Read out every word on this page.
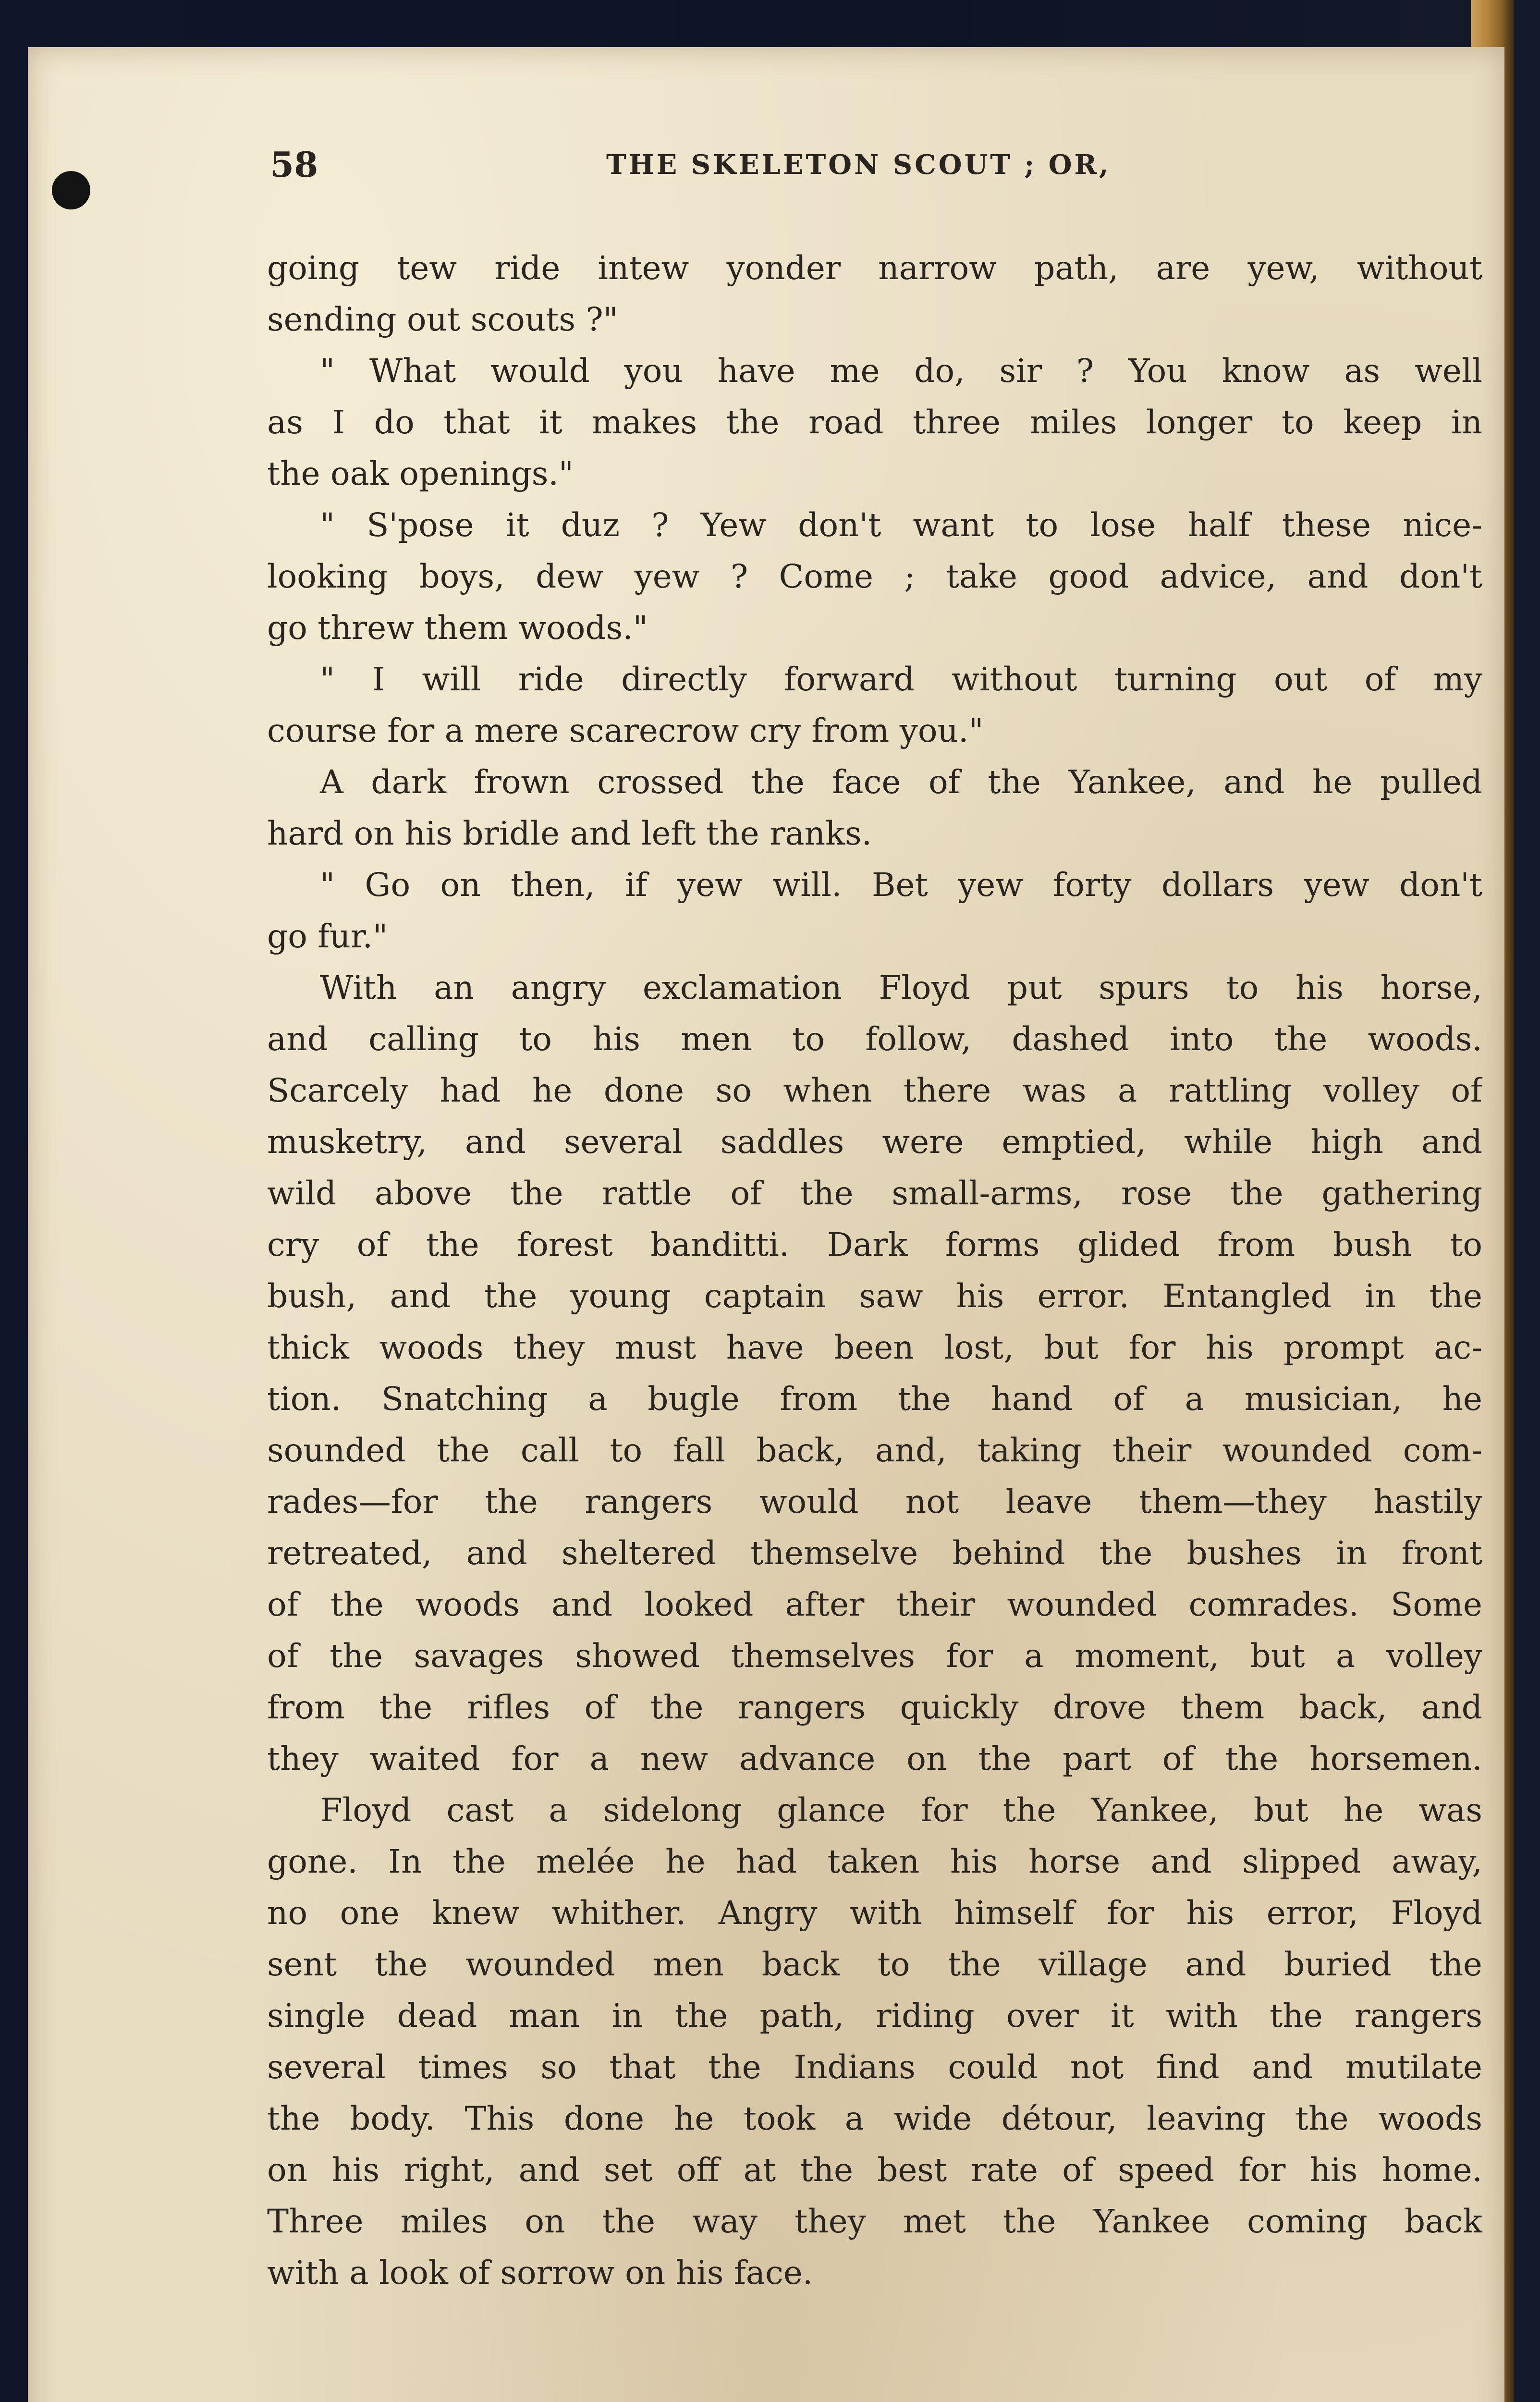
58	THE SKELETON SCOUT ; OR,
going tew ride intew yonder narrow path, are yew, without
sending out scouts ?"
" What would you have me do, sir ? You know as well
as I do that it makes the road three miles longer to keep in
the oak openings."
" S'pose it duz ? Yew don't want to lose half these nice-
looking boys, dew yew ? Come ; take good advice, and don't
go threw them woods."
" I will ride directly forward without turning out of my
course for a mere scarecrow cry from you."
A dark frown crossed the face of the Yankee, and he pulled
hard on his bridle and left the ranks.
" Go on then, if yew will. Bet yew forty dollars yew don't
go fur."
With an angry exclamation Floyd put spurs to his horse,
and calling to his men to follow, dashed into the woods.
Scarcely had he done so when there was a rattling volley of
musketry, and several saddles were emptied, while high and
wild above the rattle of the small-arms, rose the gathering
cry of the forest banditti. Dark forms glided from bush to
bush, and the young captain saw his error. Entangled in the
thick woods they must have been lost, but for his prompt ac-
tion. Snatching a bugle from the hand of a musician, he
sounded the call to fall back, and, taking their wounded com-
rades—for the rangers would not leave them—they hastily
retreated, and sheltered themselve behind the bushes in front
of the woods and looked after their wounded comrades. Some
of the savages showed themselves for a moment, but a volley
from the rifles of the rangers quickly drove them back, and
they waited for a new advance on the part of the horsemen.
Floyd cast a sidelong glance for the Yankee, but he was
gone. In the melée he had taken his horse and slipped away,
no one knew whither. Angry with himself for his error, Floyd
sent the wounded men back to the village and buried the
single dead man in the path, riding over it with the rangers
several times so that the Indians could not find and mutilate
the body. This done he took a wide détour, leaving the woods
on his right, and set off at the best rate of speed for his home.
Three miles on the way they met the Yankee coming back
with a look of sorrow on his face.
